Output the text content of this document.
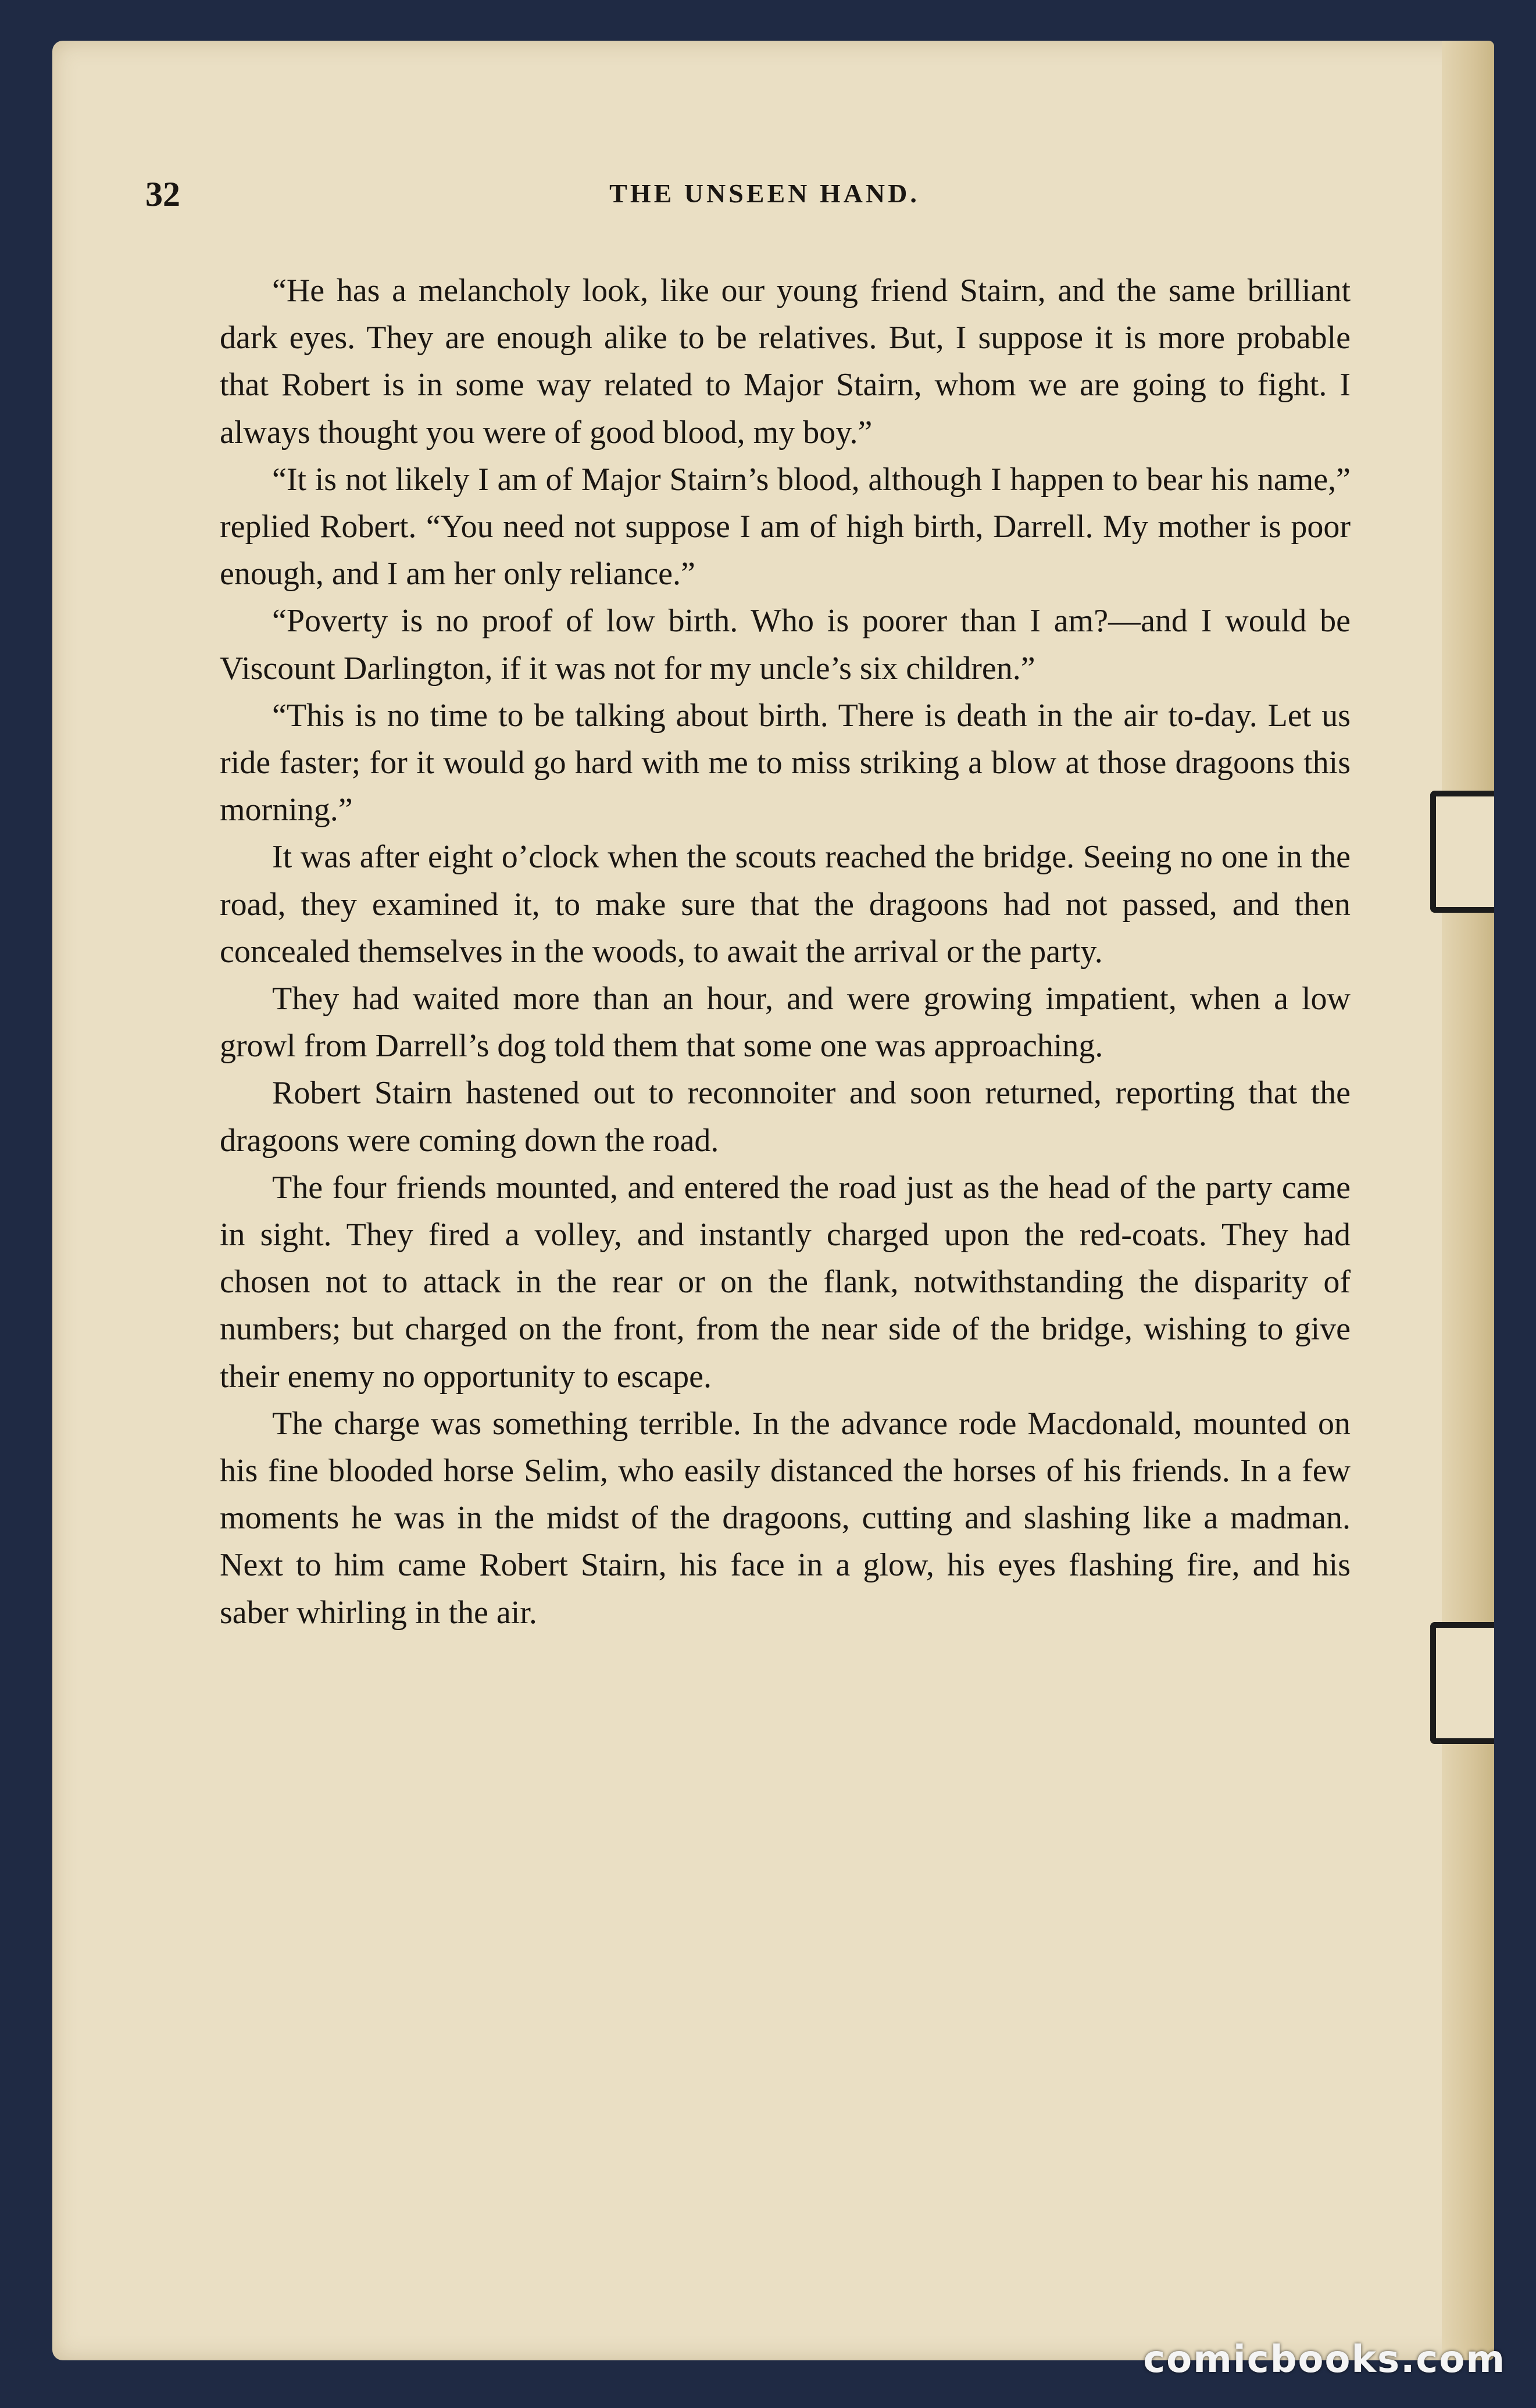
32	THE UNSEEN HAND.

“He has a melancholy look, like our young friend Stairn, and the same brilliant dark eyes. They are enough alike to be relatives. But, I suppose it is more probable that Robert is in some way related to Major Stairn, whom we are going to fight. I always thought you were of good blood, my boy.”

“It is not likely I am of Major Stairn’s blood, although I happen to bear his name,” replied Robert. “You need not suppose I am of high birth, Darrell. My mother is poor enough, and I am her only reliance.”

“Poverty is no proof of low birth. Who is poorer than I am?—and I would be Viscount Darlington, if it was not for my uncle’s six children.”

“This is no time to be talking about birth. There is death in the air to-day. Let us ride faster; for it would go hard with me to miss striking a blow at those dragoons this morning.”

It was after eight o’clock when the scouts reached the bridge. Seeing no one in the road, they examined it, to make sure that the dragoons had not passed, and then concealed themselves in the woods, to await the arrival or the party.

They had waited more than an hour, and were growing impatient, when a low growl from Darrell’s dog told them that some one was approaching.

Robert Stairn hastened out to reconnoiter and soon returned, reporting that the dragoons were coming down the road.

The four friends mounted, and entered the road just as the head of the party came in sight. They fired a volley, and instantly charged upon the red-coats. They had chosen not to attack in the rear or on the flank, notwithstanding the disparity of numbers; but charged on the front, from the near side of the bridge, wishing to give their enemy no opportunity to escape.

The charge was something terrible. In the advance rode Macdonald, mounted on his fine blooded horse Selim, who easily distanced the horses of his friends. In a few moments he was in the midst of the dragoons, cutting and slashing like a madman. Next to him came Robert Stairn, his face in a glow, his eyes flashing fire, and his saber whirling in the air.

comicbooks.com
